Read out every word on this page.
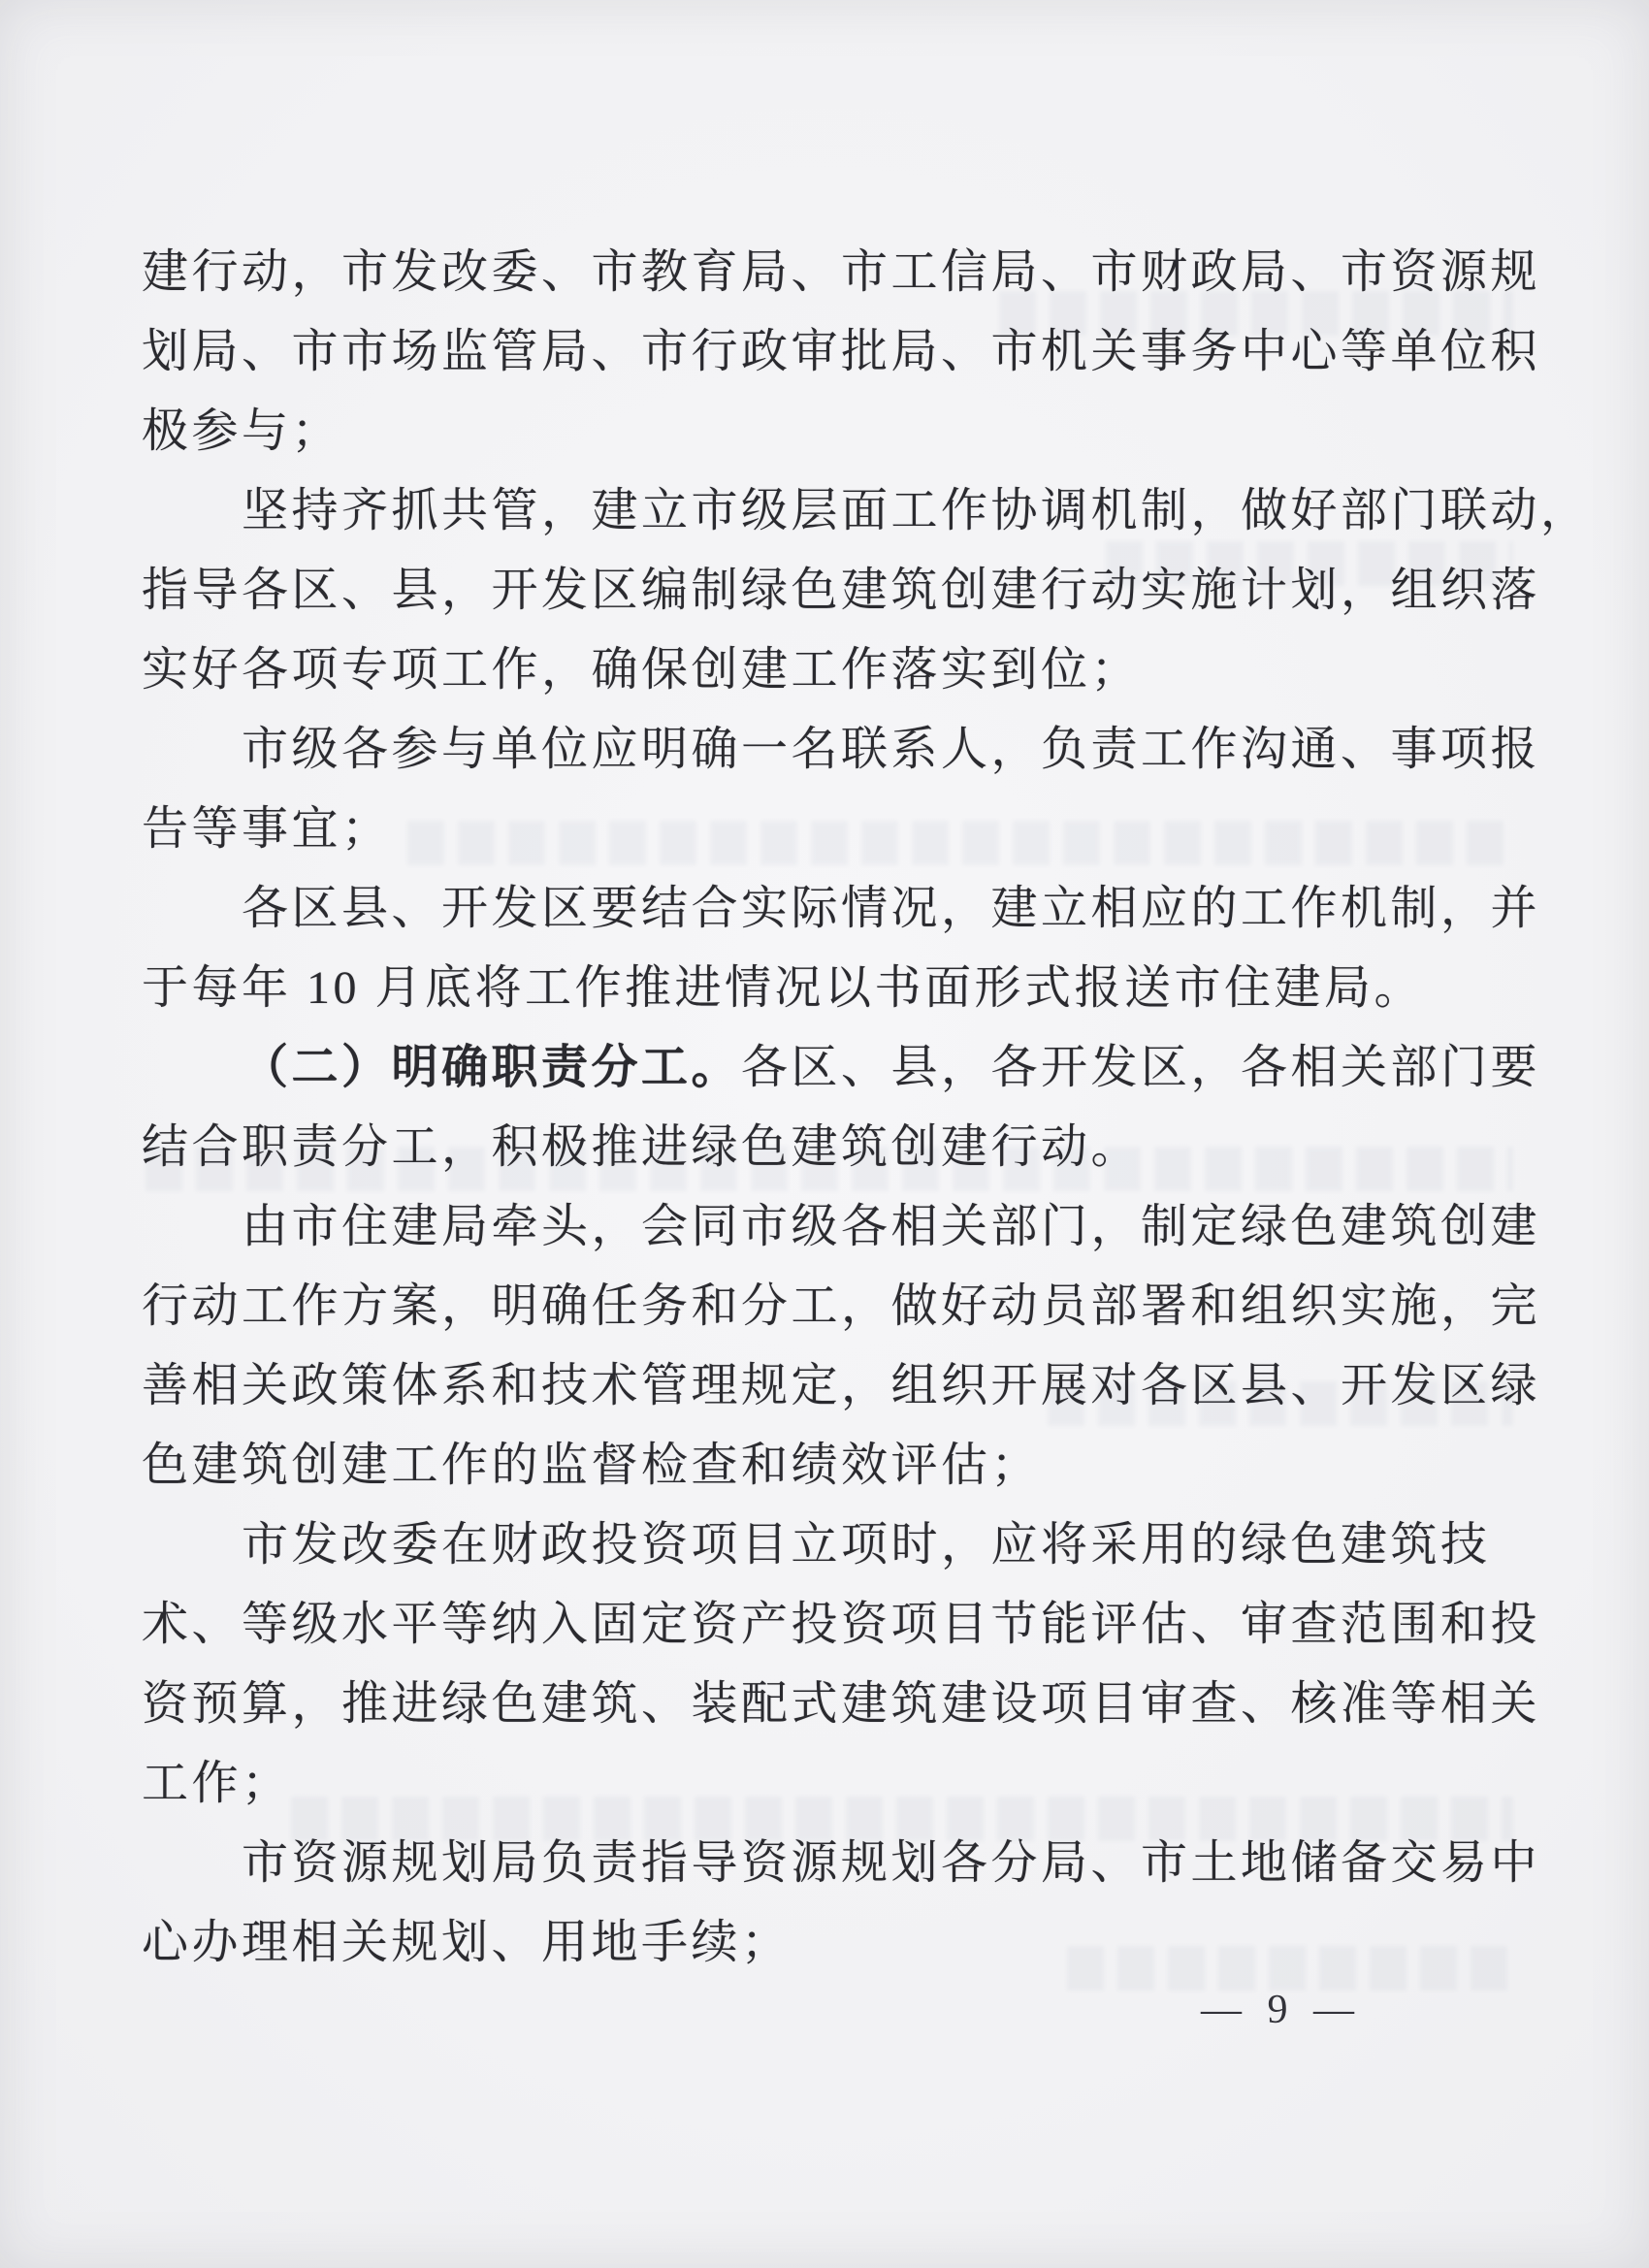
建行动，市发改委、市教育局、市工信局、市财政局、市资源规
划局、市市场监管局、市行政审批局、市机关事务中心等单位积
极参与；
坚持齐抓共管，建立市级层面工作协调机制，做好部门联动，
指导各区、县，开发区编制绿色建筑创建行动实施计划，组织落
实好各项专项工作，确保创建工作落实到位；
市级各参与单位应明确一名联系人，负责工作沟通、事项报
告等事宜；
各区县、开发区要结合实际情况，建立相应的工作机制，并
于每年 10 月底将工作推进情况以书面形式报送市住建局。
（二）明确职责分工。各区、县，各开发区，各相关部门要
结合职责分工，积极推进绿色建筑创建行动。
由市住建局牵头，会同市级各相关部门，制定绿色建筑创建
行动工作方案，明确任务和分工，做好动员部署和组织实施，完
善相关政策体系和技术管理规定，组织开展对各区县、开发区绿
色建筑创建工作的监督检查和绩效评估；
市发改委在财政投资项目立项时，应将采用的绿色建筑技
术、等级水平等纳入固定资产投资项目节能评估、审查范围和投
资预算，推进绿色建筑、装配式建筑建设项目审查、核准等相关
工作；
市资源规划局负责指导资源规划各分局、市土地储备交易中
心办理相关规划、用地手续；
— 9 —
